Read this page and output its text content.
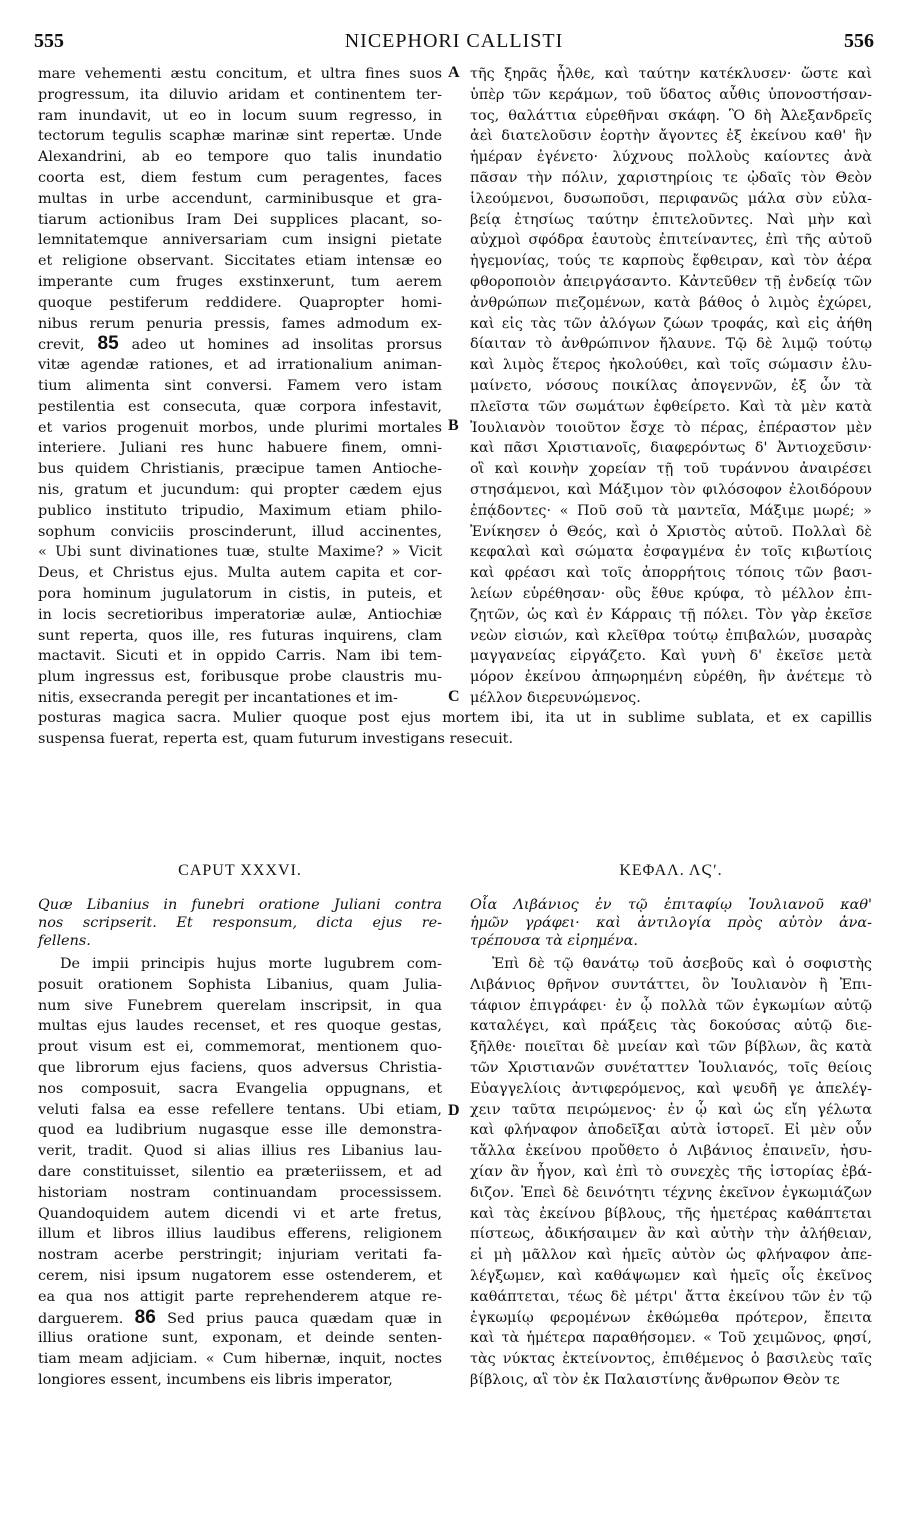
555	NICEPHORI CALLISTI	556
mare vehementi æstu concitum, et ultra fines suos
progressum, ita diluvio aridam et continentem ter-
ram inundavit, ut eo in locum suum regresso, in
tectorum tegulis scaphæ marinæ sint repertæ. Unde
Alexandrini, ab eo tempore quo talis inundatio
coorta est, diem festum cum peragentes, faces
multas in urbe accendunt, carminibusque et gra-
tiarum actionibus Iram Dei supplices placant, so-
lemnitatemque anniversariam cum insigni pietate
et religione observant. Siccitates etiam intensæ eo
imperante cum fruges exstinxerunt, tum aerem
quoque pestiferum reddidere. Quapropter homi-
nibus rerum penuria pressis, fames admodum ex-
crevit, 85 adeo ut homines ad insolitas prorsus
vitæ agendæ rationes, et ad irrationalium animan-
tium alimenta sint conversi. Famem vero istam
pestilentia est consecuta, quæ corpora infestavit,
et varios progenuit morbos, unde plurimi mortales
interiere. Juliani res hunc habuere finem, omni-
bus quidem Christianis, præcipue tamen Antioche-
nis, gratum et jucundum: qui propter cædem ejus
publico instituto tripudio, Maximum etiam philo-
sophum conviciis proscinderunt, illud accinentes,
« Ubi sunt divinationes tuæ, stulte Maxime? » Vicit
Deus, et Christus ejus. Multa autem capita et cor-
pora hominum jugulatorum in cistis, in puteis, et
in locis secretioribus imperatoriæ aulæ, Antiochiæ
sunt reperta, quos ille, res futuras inquirens, clam
mactavit. Sicuti et in oppido Carris. Nam ibi tem-
plum ingressus est, foribusque probe claustris mu-
nitis, exsecranda peregit per incantationes et im-
τῆς ξηρᾶς ἦλθε, καὶ ταύτην κατέκλυσεν· ὥστε καὶ
ὑπὲρ τῶν κεράμων, τοῦ ὕδατος αὖθις ὑπονοστήσαν-
τος, θαλάττια εὑρεθῆναι σκάφη. Ὃ δὴ Ἀλεξανδρεῖς
ἀεὶ διατελοῦσιν ἑορτὴν ἄγοντες ἐξ ἐκείνου καθ' ἣν
ἡμέραν ἐγένετο· λύχνους πολλοὺς καίοντες ἀνὰ
πᾶσαν τὴν πόλιν, χαριστηρίοις τε ᾠδαῖς τὸν Θεὸν
ἱλεούμενοι, δυσωποῦσι, περιφανῶς μάλα σὺν εὐλα-
βείᾳ ἐτησίως ταύτην ἐπιτελοῦντες. Ναὶ μὴν καὶ
αὐχμοὶ σφόδρα ἑαυτοὺς ἐπιτείναντες, ἐπὶ τῆς αὐτοῦ
ἡγεμονίας, τούς τε καρποὺς ἔφθειραν, καὶ τὸν ἀέρα
φθοροποιὸν ἀπειργάσαντο. Κἀντεῦθεν τῇ ἐνδείᾳ τῶν
ἀνθρώπων πιεζομένων, κατὰ βάθος ὁ λιμὸς ἐχώρει,
καὶ εἰς τὰς τῶν ἀλόγων ζώων τροφάς, καὶ εἰς ἀήθη
δίαιταν τὸ ἀνθρώπινον ἤλαυνε. Τῷ δὲ λιμῷ τούτῳ
καὶ λιμὸς ἕτερος ἠκολούθει, καὶ τοῖς σώμασιν ἐλυ-
μαίνετο, νόσους ποικίλας ἀπογεννῶν, ἐξ ὧν τὰ
πλεῖστα τῶν σωμάτων ἐφθείρετο. Καὶ τὰ μὲν κατὰ
Ἰουλιανὸν τοιοῦτον ἔσχε τὸ πέρας, ἐπέραστον μὲν
καὶ πᾶσι Χριστιανοῖς, διαφερόντως δ' Ἀντιοχεῦσιν·
οἳ καὶ κοινὴν χορείαν τῇ τοῦ τυράννου ἀναιρέσει
στησάμενοι, καὶ Μάξιμον τὸν φιλόσοφον ἐλοιδόρουν
ἐπᾴδοντες· « Ποῦ σοῦ τὰ μαντεῖα, Μάξιμε μωρέ; »
Ἐνίκησεν ὁ Θεός, καὶ ὁ Χριστὸς αὐτοῦ. Πολλαὶ δὲ
κεφαλαὶ καὶ σώματα ἐσφαγμένα ἐν τοῖς κιβωτίοις
καὶ φρέασι καὶ τοῖς ἀπορρήτοις τόποις τῶν βασι-
λείων εὑρέθησαν· οὓς ἔθυε κρύφα, τὸ μέλλον ἐπι-
ζητῶν, ὡς καὶ ἐν Κάρραις τῇ πόλει. Τὸν γὰρ ἐκεῖσε
νεὼν εἰσιών, καὶ κλεῖθρα τούτῳ ἐπιβαλών, μυσαρὰς
μαγγανείας εἰργάζετο. Καὶ γυνὴ δ' ἐκεῖσε μετὰ
μόρον ἐκείνου ἀπηωρημένη εὑρέθη, ἣν ἀνέτεμε τὸ
μέλλον διερευνώμενος.
A
B
C
D
posturas magica sacra. Mulier quoque post ejus mortem ibi, ita ut in sublime sublata, et ex capillis
suspensa fuerat, reperta est, quam futurum investigans resecuit.
CAPUT XXXVI.	ΚΕΦΑΛ. ΛϚʹ.
Quæ Libanius in funebri oratione Juliani contra
nos scripserit. Et responsum, dicta ejus re-
fellens.
Οἷα Λιβάνιος ἐν τῷ ἐπιταφίῳ Ἰουλιανοῦ καθ'
ἡμῶν γράφει· καὶ ἀντιλογία πρὸς αὐτὸν ἀνα-
τρέπουσα τὰ εἰρημένα.
De impii principis hujus morte lugubrem com-
posuit orationem Sophista Libanius, quam Julia-
num sive Funebrem querelam inscripsit, in qua
multas ejus laudes recenset, et res quoque gestas,
prout visum est ei, commemorat, mentionem quo-
que librorum ejus faciens, quos adversus Christia-
nos composuit, sacra Evangelia oppugnans, et
veluti falsa ea esse refellere tentans. Ubi etiam,
quod ea ludibrium nugasque esse ille demonstra-
verit, tradit. Quod si alias illius res Libanius lau-
dare constituisset, silentio ea præteriissem, et ad
historiam nostram continuandam processissem.
Quandoquidem autem dicendi vi et arte fretus,
illum et libros illius laudibus efferens, religionem
nostram acerbe perstringit; injuriam veritati fa-
cerem, nisi ipsum nugatorem esse ostenderem, et
ea qua nos attigit parte reprehenderem atque re-
darguerem. 86 Sed prius pauca quædam quæ in
illius oratione sunt, exponam, et deinde senten-
tiam meam adjiciam. « Cum hibernæ, inquit, noctes
longiores essent, incumbens eis libris imperator,
Ἐπὶ δὲ τῷ θανάτῳ τοῦ ἀσεβοῦς καὶ ὁ σοφιστὴς
Λιβάνιος θρῆνον συντάττει, ὃν Ἰουλιανὸν ἢ Ἐπι-
τάφιον ἐπιγράφει· ἐν ᾧ πολλὰ τῶν ἐγκωμίων αὐτῷ
καταλέγει, καὶ πράξεις τὰς δοκούσας αὐτῷ διε-
ξῆλθε· ποιεῖται δὲ μνείαν καὶ τῶν βίβλων, ἃς κατὰ
τῶν Χριστιανῶν συνέταττεν Ἰουλιανός, τοῖς θείοις
Εὐαγγελίοις ἀντιφερόμενος, καὶ ψευδῆ γε ἀπελέγ-
χειν ταῦτα πειρώμενος· ἐν ᾧ καὶ ὡς εἴη γέλωτα
καὶ φλήναφον ἀποδεῖξαι αὐτὰ ἱστορεῖ. Εἰ μὲν οὖν
τἄλλα ἐκείνου προὔθετο ὁ Λιβάνιος ἐπαινεῖν, ἡσυ-
χίαν ἂν ἦγον, καὶ ἐπὶ τὸ συνεχὲς τῆς ἱστορίας ἐβά-
διζον. Ἐπεὶ δὲ δεινότητι τέχνης ἐκεῖνον ἐγκωμιάζων
καὶ τὰς ἐκείνου βίβλους, τῆς ἡμετέρας καθάπτεται
πίστεως, ἀδικήσαιμεν ἂν καὶ αὐτὴν τὴν ἀλήθειαν,
εἰ μὴ μᾶλλον καὶ ἡμεῖς αὐτὸν ὡς φλήναφον ἀπε-
λέγξωμεν, καὶ καθάψωμεν καὶ ἡμεῖς οἷς ἐκεῖνος
καθάπτεται, τέως δὲ μέτρι' ἄττα ἐκείνου τῶν ἐν τῷ
ἐγκωμίῳ φερομένων ἐκθώμεθα πρότερον, ἔπειτα
καὶ τὰ ἡμέτερα παραθήσομεν. « Τοῦ χειμῶνος, φησί,
τὰς νύκτας ἐκτείνοντος, ἐπιθέμενος ὁ βασιλεὺς ταῖς
βίβλοις, αἳ τὸν ἐκ Παλαιστίνης ἄνθρωπον Θεὸν τε
